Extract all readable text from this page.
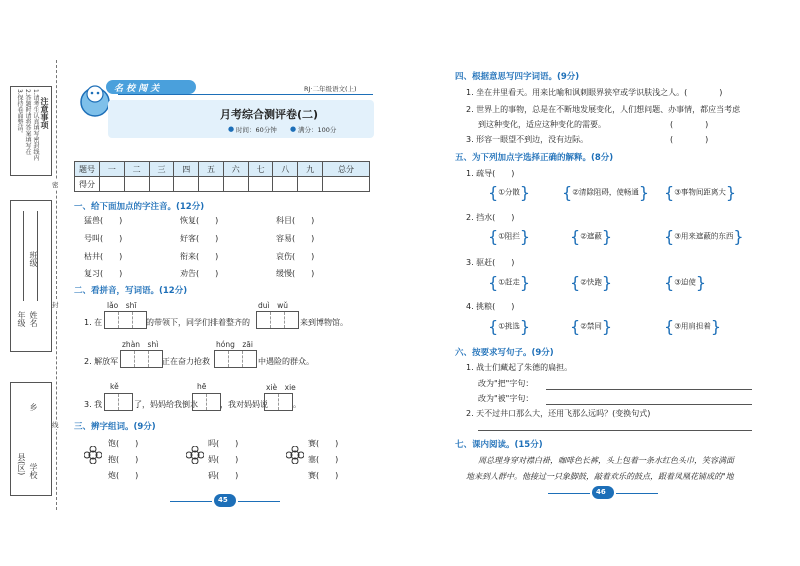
注意事项
1.请考生认真填写密封线内
2.答题时请将答案填写在
3.保持卷面整洁。
年级 姓名
班级
县(区) 学校
乡
密
封
线
名 校 闯 关	RJ·二年级语文(上)
月考综合测评卷(二)
● 时间：60分钟 ● 满分：100分
题号	一	二	三	四	五	六	七	八	九	总分
得分										
一、给下面加点的字注音。(12分)
猛兽(　　)	恢复(　　)	科目(　　)
号叫(　　)	好客(　　)	容易(　　)
枯井(　　)	衔来(　　)	哀伤(　　)
复习(　　)	劝告(　　)	缓慢(　　)
二、看拼音，写词语。(12分)
lǎo　shī	duì　wǔ
1. 在	的带领下，同学们排着整齐的	来到博物馆。
zhàn　shì	hóng　zāi
2. 解放军	正在奋力抢救	中遇险的群众。
kě	hē	xiè　xie
3. 我	了，妈妈给我倒水	，我对妈妈说	。
三、辨字组词。(9分)
饱(　　)
抱(　　)
炮(　　)
吗(　　)
妈(　　)
码(　　)
赛(　　)
塞(　　)
赛(　　)
45
四、根据意思写四字词语。(9分)
1. 坐在井里看天。用来比喻和讽刺眼界狭窄或学识肤浅之人。(　　　　)
2. 世界上的事物，总是在不断地发展变化，人们想问题、办事情，都应当考虑
到这种变化，适应这种变化的需要。	(　　　　)
3. 形容一眼望不到边，没有边际。	(　　　　)
五、为下列加点字选择正确的解释。(8分)
1. 疏导(　　)
{①分散} {②清除阻碍，使畅通} {③事物间距离大}
2. 挡水(　　)
{①阻拦} {②遮蔽}	{③用来遮蔽的东西}
3. 驱赶(　　)
{①赶走} {②快跑}	{③迫使}
4. 挑粮(　　)
{①挑选} {②禁同}	{③用肩担着}
六、按要求写句子。(9分)
1. 战士们藏起了朱德的扁担。
改为"把"字句：
改为"被"字句：
2. 天不过井口那么大，还用飞那么远吗？(变换句式)
七、课内阅读。(15分)
周总理身穿对襟白褂，咖啡色长裤，头上包着一条水红色头巾，笑容满面
地来到人群中。他接过一只象脚鼓，敲着欢乐的鼓点，跟着凤凰花铺成的"地
46
